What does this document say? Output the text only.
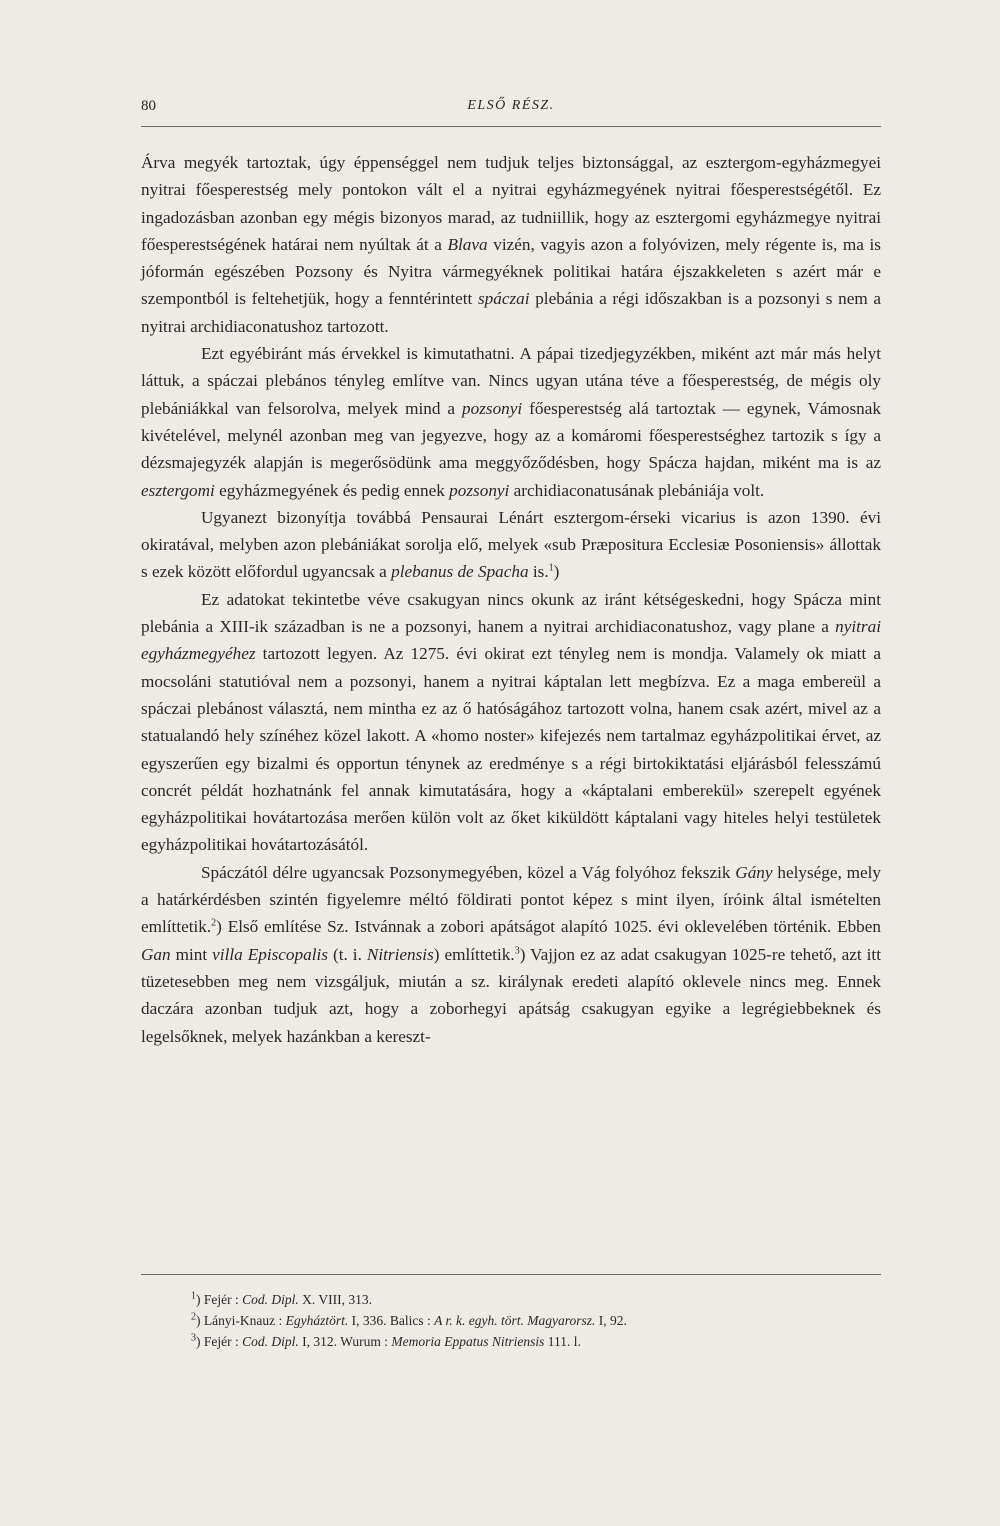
80	ELSŐ RÉSZ.

Árva megyék tartoztak, úgy éppenséggel nem tudjuk teljes biztonsággal, az esztergom-egyházmegyei nyitrai főesperestség mely pontokon vált el a nyitrai egyházmegyének nyitrai főesperestségétől. Ez ingadozásban azonban egy mégis bizonyos marad, az tudniillik, hogy az esztergomi egyházmegye nyitrai főesperestségének határai nem nyúltak át a Blava vizén, vagyis azon a folyóvizen, mely régente is, ma is jóformán egészében Pozsony és Nyitra vármegyéknek politikai határa éjszakkeleten s azért már e szempontból is feltehetjük, hogy a fenntérintett spáczai plebánia a régi időszakban is a pozsonyi s nem a nyitrai archidiaconatushoz tartozott.

Ezt egyébiránt más érvekkel is kimutathatni. A pápai tizedjegyzékben, miként azt már más helyt láttuk, a spáczai plebános tényleg említve van. Nincs ugyan utána téve a főesperestség, de mégis oly plebániákkal van felsorolva, melyek mind a pozsonyi főesperestség alá tartoztak — egynek, Vámosnak kivételével, melynél azonban meg van jegyezve, hogy az a komáromi főesperestséghez tartozik s így a dézsmajegyzék alapján is megerősödünk ama meggyőződésben, hogy Spácza hajdan, miként ma is az esztergomi egyházmegyének és pedig ennek pozsonyi archidiaconatusának plebániája volt.

Ugyanezt bizonyítja továbbá Pensaurai Lénárt esztergom-érseki vicarius is azon 1390. évi okiratával, melyben azon plebániákat sorolja elő, melyek «sub Præpositura Ecclesiæ Posoniensis» állottak s ezek között előfordul ugyancsak a plebanus de Spacha is.$^1$)

Ez adatokat tekintetbe véve csakugyan nincs okunk az iránt kétségeskedni, hogy Spácza mint plebánia a XIII-ik században is ne a pozsonyi, hanem a nyitrai archidiaconatushoz, vagy plane a nyitrai egyházmegyéhez tartozott legyen. Az 1275. évi okirat ezt tényleg nem is mondja. Valamely ok miatt a mocsoláni statutióval nem a pozsonyi, hanem a nyitrai káptalan lett megbízva. Ez a maga embereül a spáczai plebánost választá, nem mintha ez az ő hatóságához tartozott volna, hanem csak azért, mivel az a statualandó hely színéhez közel lakott. A «homo noster» kifejezés nem tartalmaz egyházpolitikai érvet, az egyszerűen egy bizalmi és opportun ténynek az eredménye s a régi birtokiktatási eljárásból felesszámú concrét példát hozhatnánk fel annak kimutatására, hogy a «káptalani emberekül» szerepelt egyének egyházpolitikai hovátartozása merően külön volt az őket kiküldött káptalani vagy hiteles helyi testületek egyházpolitikai hovátartozásától.

Spáczától délre ugyancsak Pozsonymegyében, közel a Vág folyóhoz fekszik Gány helysége, mely a határkérdésben szintén figyelemre méltó földirati pontot képez s mint ilyen, íróink által ismételten említtetik.$^2$) Első említése Sz. Istvánnak a zobori apátságot alapító 1025. évi oklevelében történik. Ebben Gan mint villa Episcopalis (t. i. Nitriensis) említtetik.$^3$) Vajjon ez az adat csakugyan 1025-re tehető, azt itt tüzetesebben meg nem vizsgáljuk, miután a sz. királynak eredeti alapító oklevele nincs meg. Ennek daczára azonban tudjuk azt, hogy a zoborhegyi apátság csakugyan egyike a legrégiebbeknek és legelsőknek, melyek hazánkban a kereszt-

$^1$) Fejér : Cod. Dipl. X. VIII, 313.
$^2$) Lányi-Knauz : Egyháztört. I, 336. Balics : A r. k. egyh. tört. Magyarorsz. I, 92.
$^3$) Fejér : Cod. Dipl. I, 312. Wurum : Memoria Eppatus Nitriensis 111. l.
